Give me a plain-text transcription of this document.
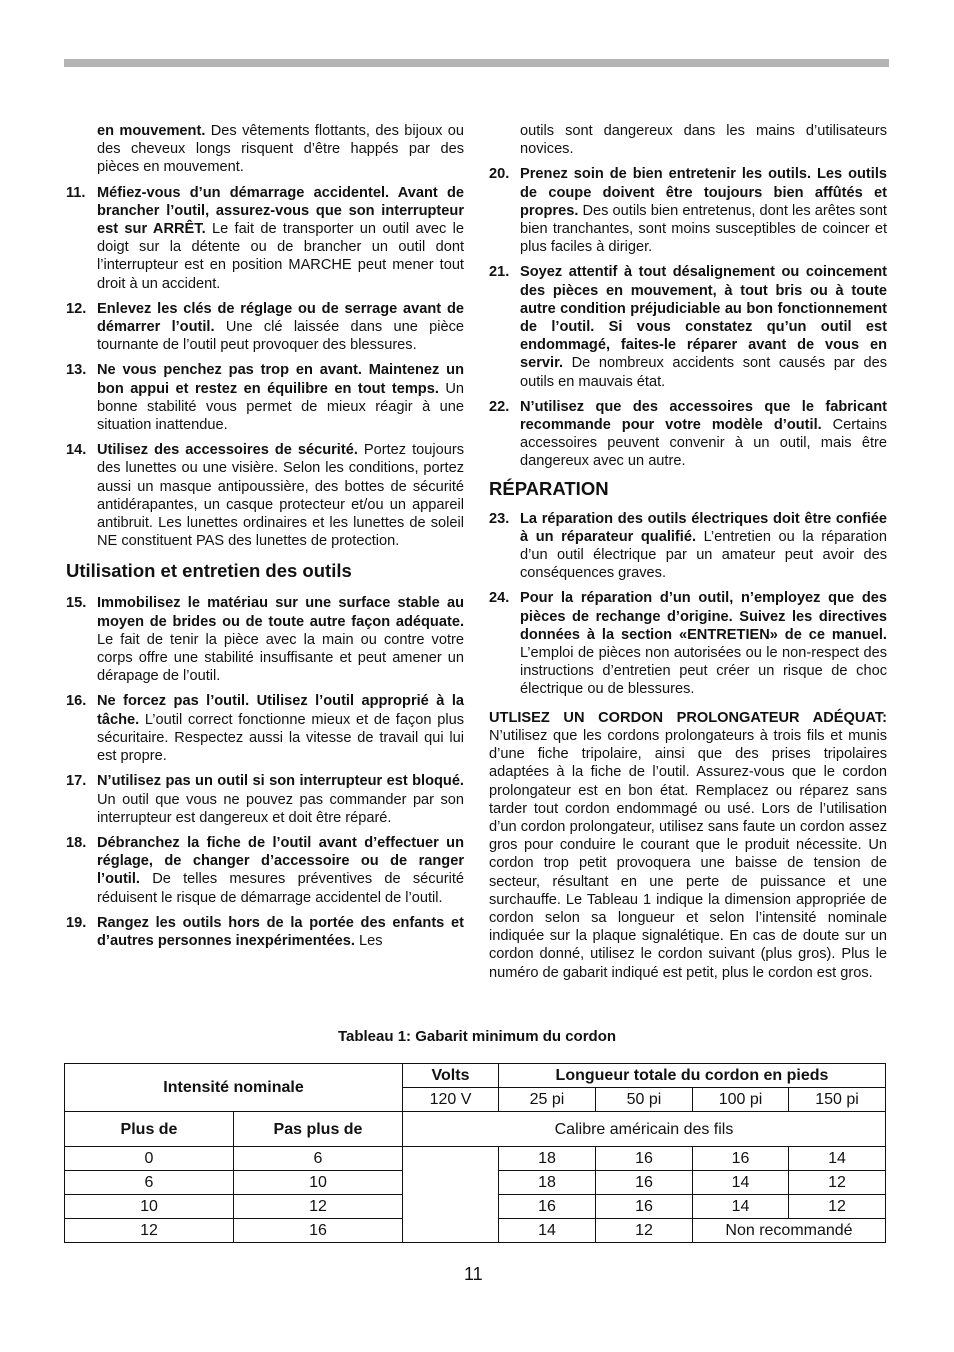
en mouvement. Des vêtements flottants, des bijoux ou des cheveux longs risquent d’être happés par des pièces en mouvement.

11. Méfiez-vous d’un démarrage accidentel. Avant de brancher l’outil, assurez-vous que son interrupteur est sur ARRÊT. Le fait de transporter un outil avec le doigt sur la détente ou de brancher un outil dont l’interrupteur est en position MARCHE peut mener tout droit à un accident.

12. Enlevez les clés de réglage ou de serrage avant de démarrer l’outil. Une clé laissée dans une pièce tournante de l’outil peut provoquer des blessures.

13. Ne vous penchez pas trop en avant. Maintenez un bon appui et restez en équilibre en tout temps. Un bonne stabilité vous permet de mieux réagir à une situation inattendue.

14. Utilisez des accessoires de sécurité. Portez toujours des lunettes ou une visière. Selon les conditions, portez aussi un masque antipoussière, des bottes de sécurité antidérapantes, un casque protecteur et/ou un appareil antibruit. Les lunettes ordinaires et les lunettes de soleil NE constituent PAS des lunettes de protection.

Utilisation et entretien des outils

15. Immobilisez le matériau sur une surface stable au moyen de brides ou de toute autre façon adéquate. Le fait de tenir la pièce avec la main ou contre votre corps offre une stabilité insuffisante et peut amener un dérapage de l’outil.

16. Ne forcez pas l’outil. Utilisez l’outil approprié à la tâche. L’outil correct fonctionne mieux et de façon plus sécuritaire. Respectez aussi la vitesse de travail qui lui est propre.

17. N’utilisez pas un outil si son interrupteur est bloqué. Un outil que vous ne pouvez pas commander par son interrupteur est dangereux et doit être réparé.

18. Débranchez la fiche de l’outil avant d’effectuer un réglage, de changer d’accessoire ou de ranger l’outil. De telles mesures préventives de sécurité réduisent le risque de démarrage accidentel de l’outil.

19. Rangez les outils hors de la portée des enfants et d’autres personnes inexpérimentées. Les

outils sont dangereux dans les mains d’utilisateurs novices.

20. Prenez soin de bien entretenir les outils. Les outils de coupe doivent être toujours bien affûtés et propres. Des outils bien entretenus, dont les arêtes sont bien tranchantes, sont moins susceptibles de coincer et plus faciles à diriger.

21. Soyez attentif à tout désalignement ou coincement des pièces en mouvement, à tout bris ou à toute autre condition préjudiciable au bon fonctionnement de l’outil. Si vous constatez qu’un outil est endommagé, faites-le réparer avant de vous en servir. De nombreux accidents sont causés par des outils en mauvais état.

22. N’utilisez que des accessoires que le fabricant recommande pour votre modèle d’outil. Certains accessoires peuvent convenir à un outil, mais être dangereux avec un autre.

RÉPARATION

23. La réparation des outils électriques doit être confiée à un réparateur qualifié. L’entretien ou la réparation d’un outil électrique par un amateur peut avoir des conséquences graves.

24. Pour la réparation d’un outil, n’employez que des pièces de rechange d’origine. Suivez les directives données à la section «ENTRETIEN» de ce manuel. L’emploi de pièces non autorisées ou le non-respect des instructions d’entretien peut créer un risque de choc électrique ou de blessures.

UTLISEZ UN CORDON PROLONGATEUR ADÉQUAT: N’utilisez que les cordons prolongateurs à trois fils et munis d’une fiche tripolaire, ainsi que des prises tripolaires adaptées à la fiche de l’outil. Assurez-vous que le cordon prolongateur est en bon état. Remplacez ou réparez sans tarder tout cordon endommagé ou usé. Lors de l’utilisation d’un cordon prolongateur, utilisez sans faute un cordon assez gros pour conduire le courant que le produit nécessite. Un cordon trop petit provoquera une baisse de tension de secteur, résultant en une perte de puissance et une surchauffe. Le Tableau 1 indique la dimension appropriée de cordon selon sa longueur et selon l’intensité nominale indiquée sur la plaque signalétique. En cas de doute sur un cordon donné, utilisez le cordon suivant (plus gros). Plus le numéro de gabarit indiqué est petit, plus le cordon est gros.

Tableau 1: Gabarit minimum du cordon
Intensité nominale		Volts	Longueur totale du cordon en pieds			
		120 V	25 pi	50 pi	100 pi	150 pi
Plus de	Pas plus de	Calibre américain des fils				
0	6		18	16	16	14
6	10		18	16	14	12
10	12		16	16	14	12
12	16		14	12	Non recommandé	
11
